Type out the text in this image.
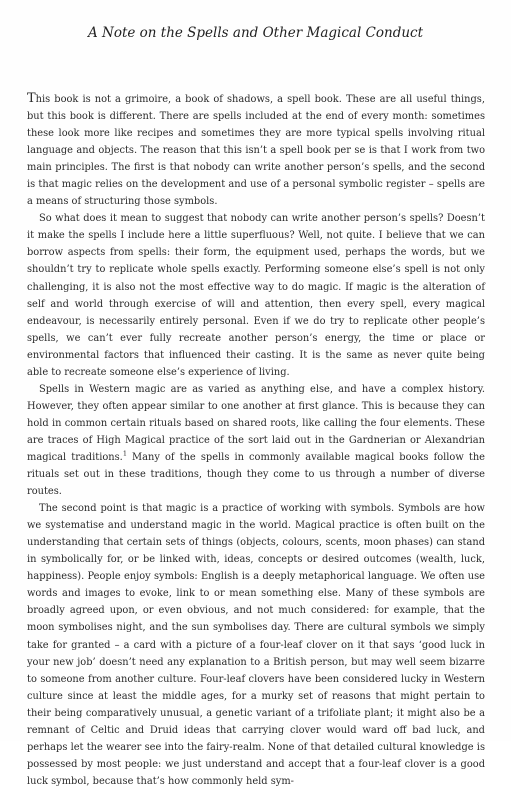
A Note on the Spells and Other Magical Conduct

This book is not a grimoire, a book of shadows, a spell book. These are all useful things, but this book is different. There are spells included at the end of every month: sometimes these look more like recipes and sometimes they are more typical spells involving ritual language and objects. The reason that this isn’t a spell book per se is that I work from two main principles. The first is that nobody can write another person’s spells, and the second is that magic relies on the development and use of a personal symbolic register – spells are a means of structuring those symbols.

So what does it mean to suggest that nobody can write another person’s spells? Doesn’t it make the spells I include here a little superfluous? Well, not quite. I believe that we can borrow aspects from spells: their form, the equipment used, perhaps the words, but we shouldn’t try to replicate whole spells exactly. Performing someone else’s spell is not only challenging, it is also not the most effective way to do magic. If magic is the alteration of self and world through exercise of will and attention, then every spell, every magical endeavour, is necessarily entirely personal. Even if we do try to replicate other people’s spells, we can’t ever fully recreate another person’s energy, the time or place or environmental factors that influenced their casting. It is the same as never quite being able to recreate someone else’s experience of living.

Spells in Western magic are as varied as anything else, and have a complex history. However, they often appear similar to one another at first glance. This is because they can hold in common certain rituals based on shared roots, like calling the four elements. These are traces of High Magical practice of the sort laid out in the Gardnerian or Alexandrian magical traditions.$^1$ Many of the spells in commonly available magical books follow the rituals set out in these traditions, though they come to us through a number of diverse routes.

The second point is that magic is a practice of working with symbols. Symbols are how we systematise and understand magic in the world. Magical practice is often built on the understanding that certain sets of things (objects, colours, scents, moon phases) can stand in symbolically for, or be linked with, ideas, concepts or desired outcomes (wealth, luck, happiness). People enjoy symbols: English is a deeply metaphorical language. We often use words and images to evoke, link to or mean something else. Many of these symbols are broadly agreed upon, or even obvious, and not much considered: for example, that the moon symbolises night, and the sun symbolises day. There are cultural symbols we simply take for granted – a card with a picture of a four-leaf clover on it that says ‘good luck in your new job’ doesn’t need any explanation to a British person, but may well seem bizarre to someone from another culture. Four-leaf clovers have been considered lucky in Western culture since at least the middle ages, for a murky set of reasons that might pertain to their being comparatively unusual, a genetic variant of a trifoliate plant; it might also be a remnant of Celtic and Druid ideas that carrying clover would ward off bad luck, and perhaps let the wearer see into the fairy-realm. None of that detailed cultural knowledge is possessed by most people: we just understand and accept that a four-leaf clover is a good luck symbol, because that’s how commonly held sym-
